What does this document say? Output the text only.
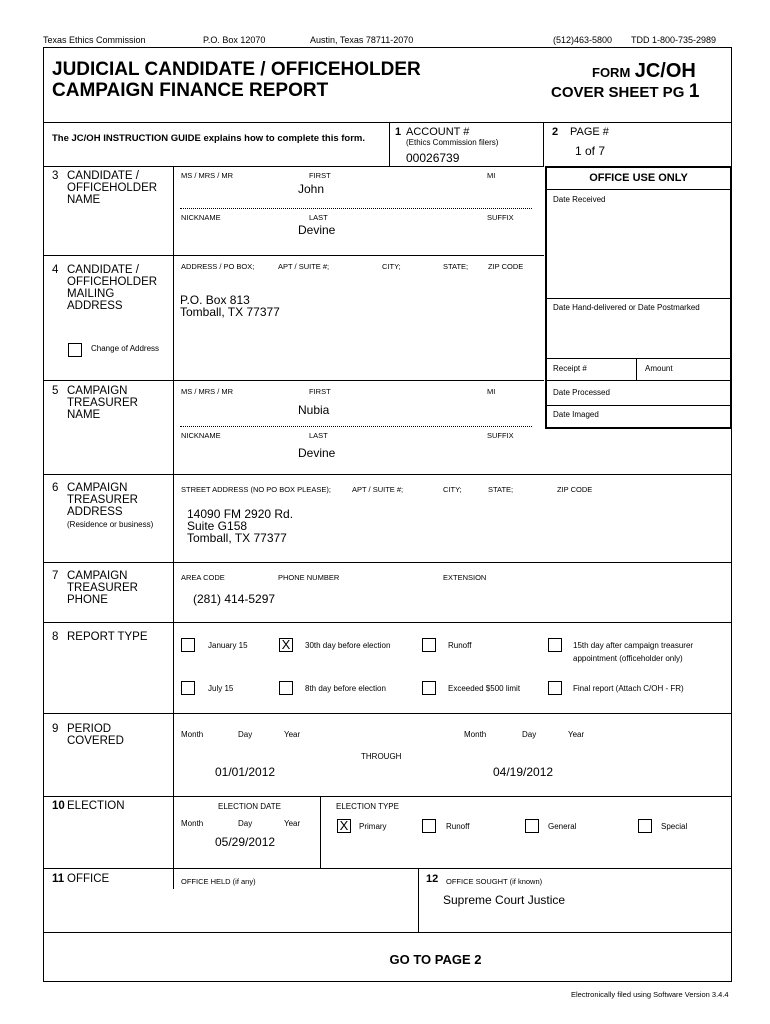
Texas Ethics Commission	P.O. Box 12070	Austin, Texas 78711-2070	(512)463-5800 TDD 1-800-735-2989
JUDICIAL CANDIDATE / OFFICEHOLDER
CAMPAIGN FINANCE REPORT
FORM JC/OH
COVER SHEET PG 1
The JC/OH INSTRUCTION GUIDE explains how to complete this form.
1 ACCOUNT #
(Ethics Commission filers)
00026739
2 PAGE #
1 of 7
OFFICE USE ONLY
Date Received
Date Hand-delivered or Date Postmarked
Receipt #	Amount
Date Processed
Date Imaged
3 CANDIDATE /
OFFICEHOLDER
NAME
MS / MRS / MR	FIRST	MI
John
NICKNAME	LAST	SUFFIX
Devine
4 CANDIDATE /
OFFICEHOLDER
MAILING
ADDRESS
ADDRESS / PO BOX;	APT / SUITE #;	CITY;	STATE;	ZIP CODE
P.O. Box 813
Tomball, TX 77377
Change of Address
5 CAMPAIGN
TREASURER
NAME
MS / MRS / MR	FIRST	MI
Nubia
NICKNAME	LAST	SUFFIX
Devine
6 CAMPAIGN
TREASURER
ADDRESS
(Residence or business)
STREET ADDRESS (NO PO BOX PLEASE);	APT / SUITE #;	CITY;	STATE;	ZIP CODE
14090 FM 2920 Rd.
Suite G158
Tomball, TX 77377
7 CAMPAIGN
TREASURER
PHONE
AREA CODE	PHONE NUMBER	EXTENSION
(281) 414-5297
8 REPORT TYPE
January 15	X	30th day before election	Runoff	15th day after campaign treasurer
appointment (officeholder only)
July 15	8th day before election	Exceeded $500 limit	Final report (Attach C/OH - FR)
9 PERIOD
COVERED
Month	Day	Year	Month	Day	Year
THROUGH
01/01/2012	04/19/2012
10 ELECTION	ELECTION DATE	ELECTION TYPE
Month	Day	Year
05/29/2012
X	Primary	Runoff	General	Special
11 OFFICE	OFFICE HELD (if any)	12 OFFICE SOUGHT (if known)
Supreme Court Justice
GO TO PAGE 2
Electronically filed using Software Version 3.4.4
